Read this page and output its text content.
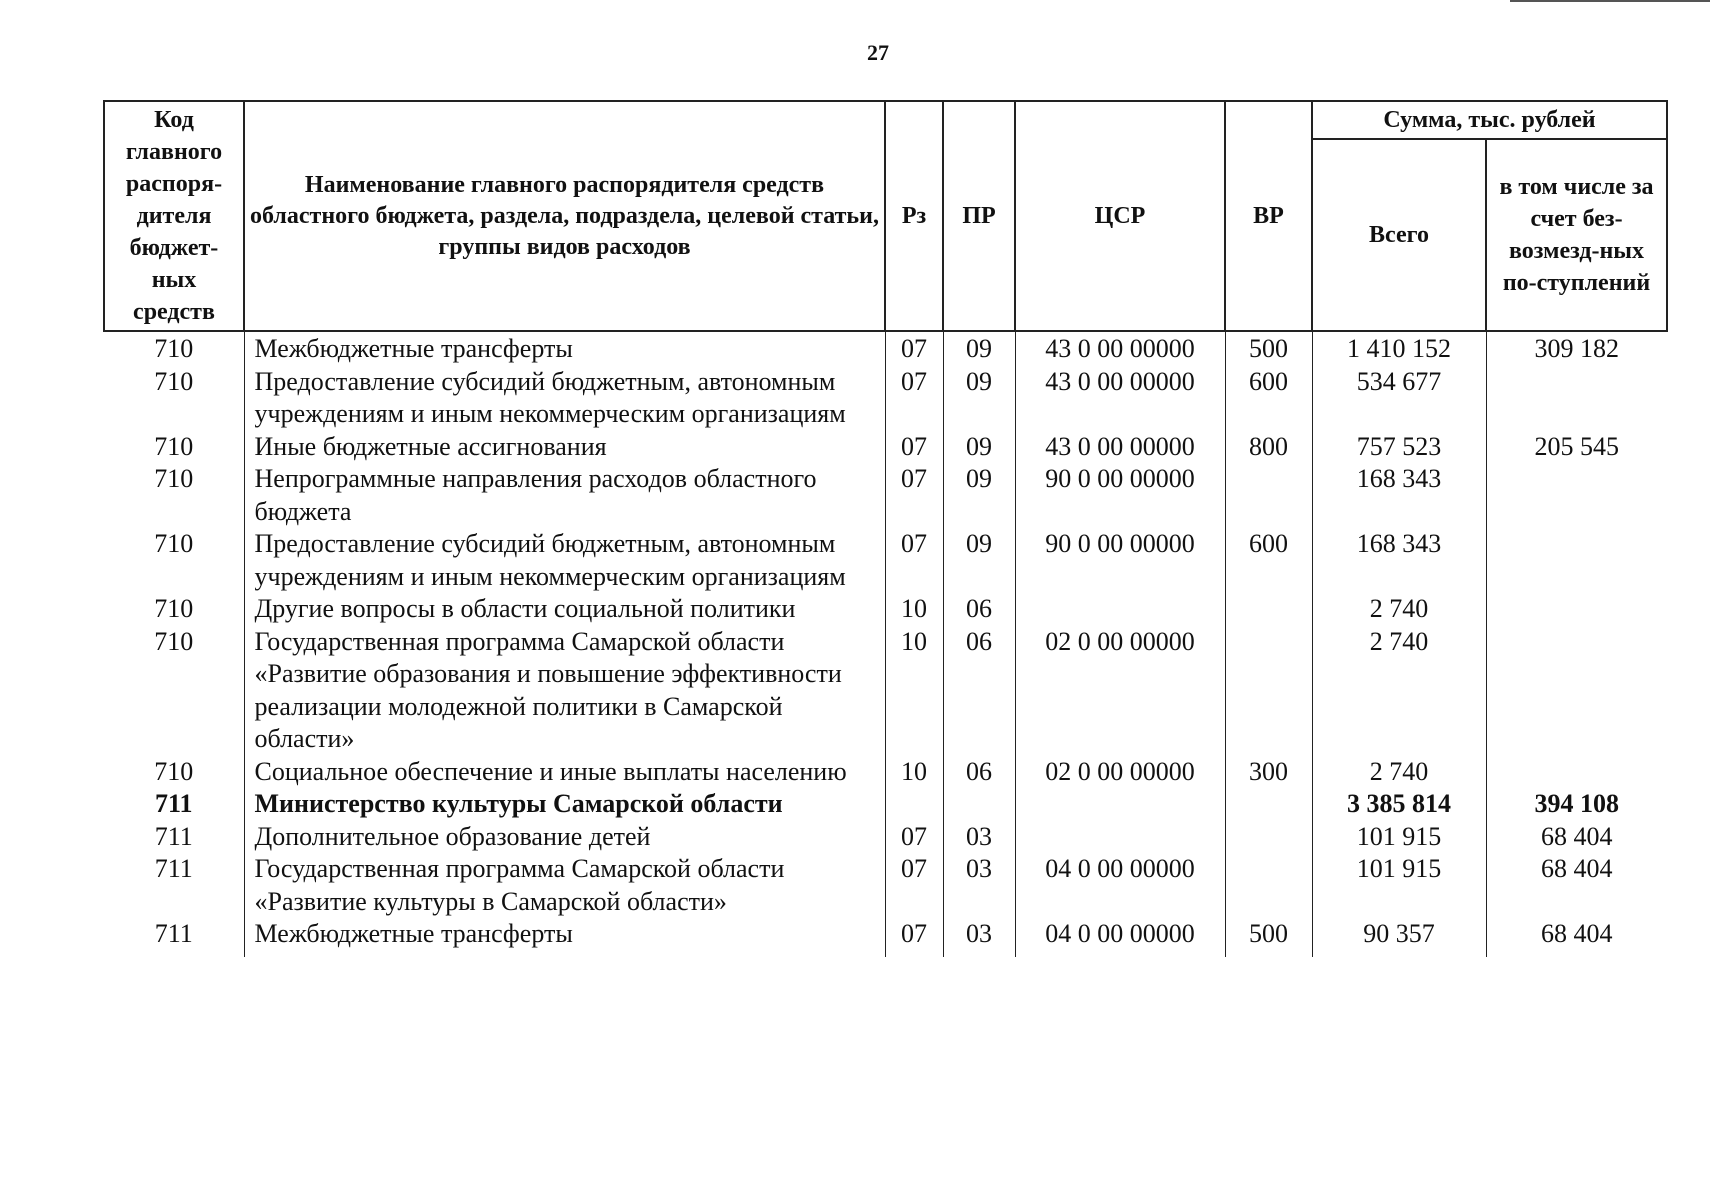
27
Код главного распоря-дителя бюджет-ных средств	Наименование главного распорядителя средств областного бюджета, раздела, подраздела, целевой статьи, группы видов расходов	Рз	ПР	ЦСР	ВР	Сумма, тыс. рублей	
						Всего	в том числе за счет без-возмезд-ных по-ступлений
710	Межбюджетные трансферты	07	09	43 0 00 00000	500	1 410 152	309 182
710	Предоставление субсидий бюджетным, автономным учреждениям и иным некоммерческим организациям	07	09	43 0 00 00000	600	534 677	
710	Иные бюджетные ассигнования	07	09	43 0 00 00000	800	757 523	205 545
710	Непрограммные направления расходов областного бюджета	07	09	90 0 00 00000		168 343	
710	Предоставление субсидий бюджетным, автономным учреждениям и иным некоммерческим организациям	07	09	90 0 00 00000	600	168 343	
710	Другие вопросы в области социальной политики	10	06			2 740	
710	Государственная программа Самарской области «Развитие образования и повышение эффективности реализации молодежной политики в Самарской области»	10	06	02 0 00 00000		2 740	
710	Социальное обеспечение и иные выплаты населению	10	06	02 0 00 00000	300	2 740	
711	Министерство культуры Самарской области					3 385 814	394 108
711	Дополнительное образование детей	07	03			101 915	68 404
711	Государственная программа Самарской области «Развитие культуры в Самарской области»	07	03	04 0 00 00000		101 915	68 404
711	Межбюджетные трансферты	07	03	04 0 00 00000	500	90 357	68 404
